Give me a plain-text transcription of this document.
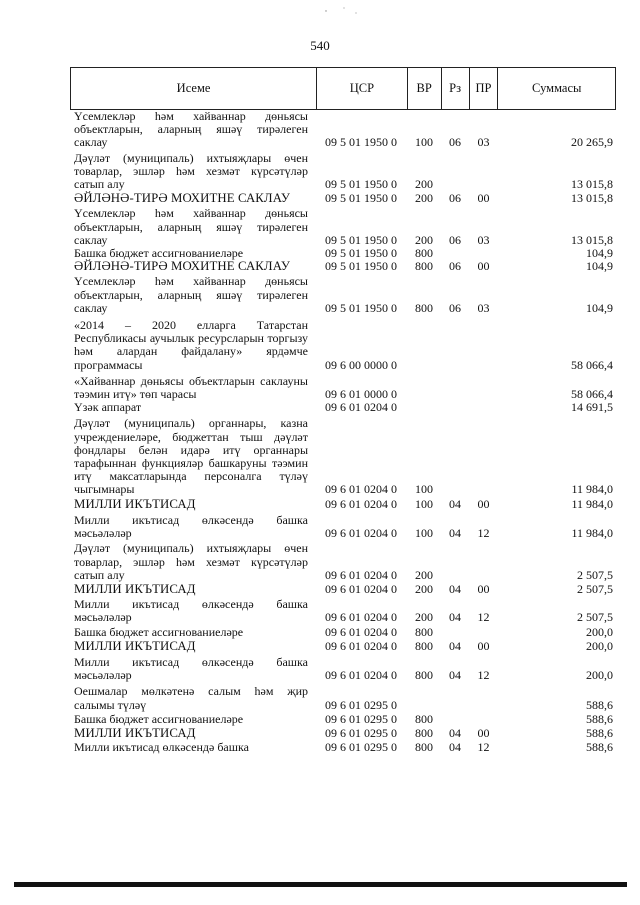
540
Исеме	ЦСР	ВР	Рз	ПР	Суммасы
Үсемлекләр һәм хайваннар дөньясы объектларын, аларның яшәү тирәлеген саклау	09 5 01 1950 0	100	06	03	20 265,9
Дәүләт (муниципаль) ихтыяҗлары өчен товарлар, эшләр һәм хезмәт күрсәтүләр сатып алу	09 5 01 1950 0	200	13 015,8
ӘЙЛӘНӘ-ТИРӘ МОХИТНЕ САКЛАУ	09 5 01 1950 0	200	06	00	13 015,8
Үсемлекләр һәм хайваннар дөньясы объектларын, аларның яшәү тирәлеген саклау	09 5 01 1950 0	200	06	03	13 015,8
Башка бюджет ассигнованиеләре	09 5 01 1950 0	800	104,9
ӘЙЛӘНӘ-ТИРӘ МОХИТНЕ САКЛАУ	09 5 01 1950 0	800	06	00	104,9
Үсемлекләр һәм хайваннар дөньясы объектларын, аларның яшәү тирәлеген саклау	09 5 01 1950 0	800	06	03	104,9
«2014 – 2020 елларга Татарстан Республикасы аучылык ресурсларын торгызу һәм алардан файдалану» ярдәмче программасы	09 6 00 0000 0	58 066,4
«Хайваннар дөньясы объектларын саклауны тәэмин итү» төп чарасы	09 6 01 0000 0	58 066,4
Үзәк аппарат	09 6 01 0204 0	14 691,5
Дәүләт (муниципаль) органнары, казна учреждениеләре, бюджеттан тыш дәүләт фондлары белән идарә итү органнары тарафыннан функцияләр башкаруны тәэмин итү максатларында персоналга түләү чыгымнары	09 6 01 0204 0	100	11 984,0
МИЛЛИ ИКЪТИСАД	09 6 01 0204 0	100	04	00	11 984,0
Милли икътисад өлкәсендә башка мәсьәләләр	09 6 01 0204 0	100	04	12	11 984,0
Дәүләт (муниципаль) ихтыяҗлары өчен товарлар, эшләр һәм хезмәт күрсәтүләр сатып алу	09 6 01 0204 0	200	2 507,5
МИЛЛИ ИКЪТИСАД	09 6 01 0204 0	200	04	00	2 507,5
Милли икътисад өлкәсендә башка мәсьәләләр	09 6 01 0204 0	200	04	12	2 507,5
Башка бюджет ассигнованиеләре	09 6 01 0204 0	800	200,0
МИЛЛИ ИКЪТИСАД	09 6 01 0204 0	800	04	00	200,0
Милли икътисад өлкәсендә башка мәсьәләләр	09 6 01 0204 0	800	04	12	200,0
Оешмалар мөлкәтенә салым һәм җир салымы түләү	09 6 01 0295 0	588,6
Башка бюджет ассигнованиеләре	09 6 01 0295 0	800	588,6
МИЛЛИ ИКЪТИСАД	09 6 01 0295 0	800	04	00	588,6
Милли икътисад өлкәсендә башка	09 6 01 0295 0	800	04	12	588,6
